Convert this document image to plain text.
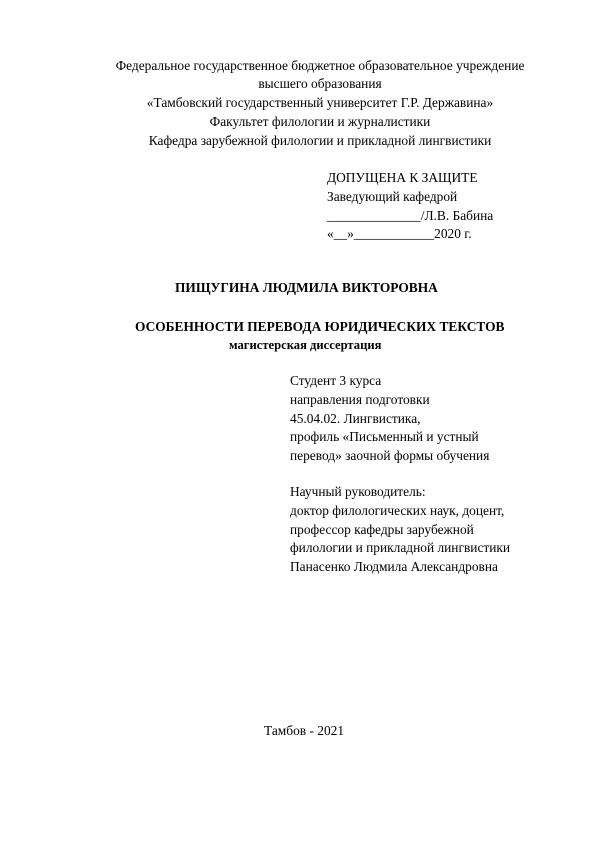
Федеральное государственное бюджетное образовательное учреждение
высшего образования
«Тамбовский государственный университет Г.Р. Державина»
Факультет филологии и журналистики
Кафедра зарубежной филологии и прикладной лингвистики
ДОПУЩЕНА К ЗАЩИТЕ
Заведующий кафедрой
______________/Л.В. Бабина
«__»____________2020 г.
ПИЩУГИНА ЛЮДМИЛА ВИКТОРОВНА
ОСОБЕННОСТИ ПЕРЕВОДА ЮРИДИЧЕСКИХ ТЕКСТОВ
магистерская диссертация
Студент 3 курса
направления подготовки
45.04.02. Лингвистика,
профиль «Письменный и устный
перевод» заочной формы обучения
Научный руководитель:
доктор филологических наук, доцент,
профессор кафедры зарубежной
филологии и прикладной лингвистики
Панасенко Людмила Александровна
Тамбов - 2021
